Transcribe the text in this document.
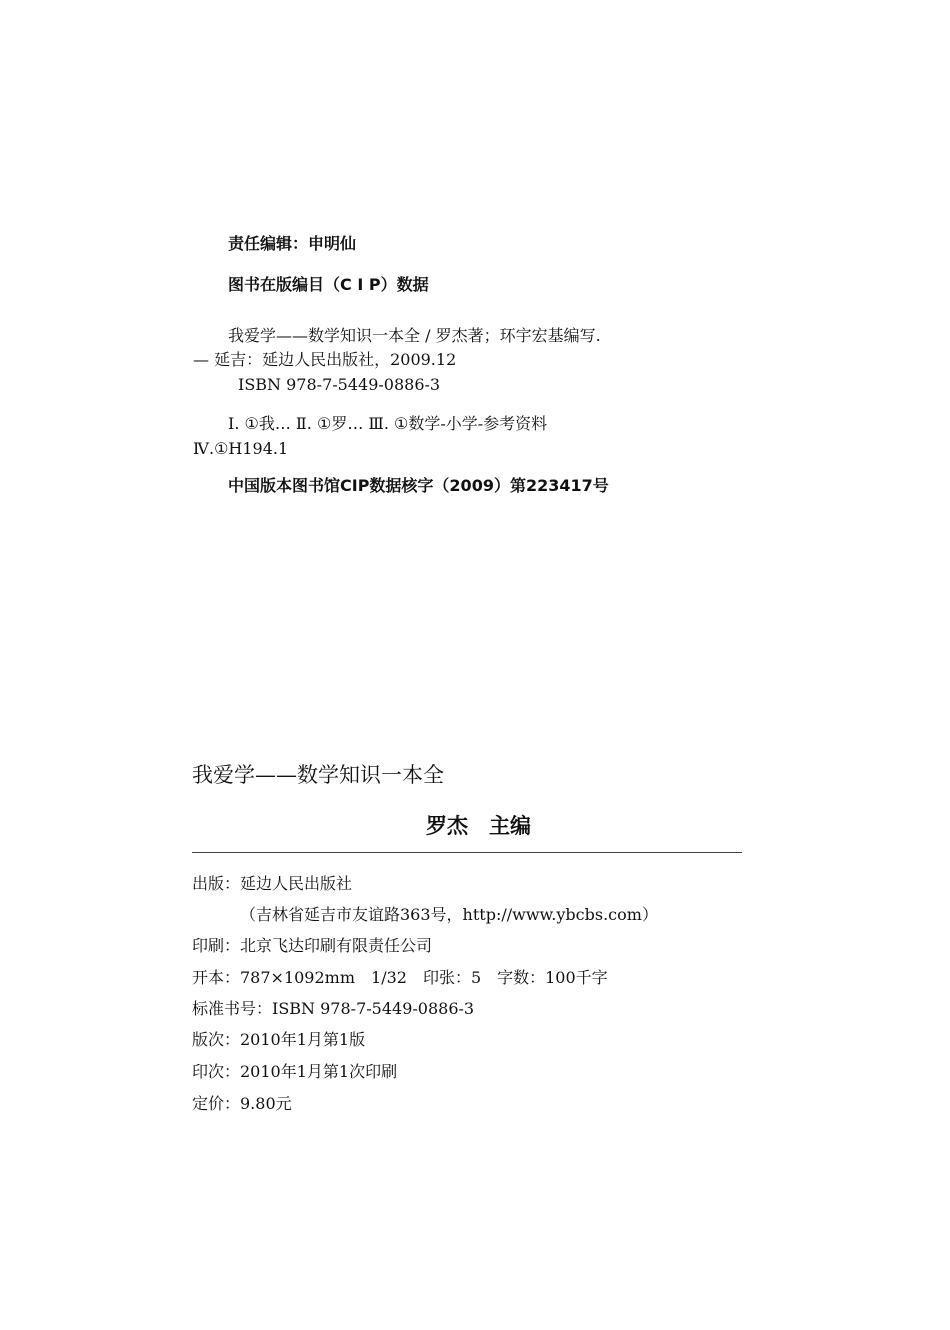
责任编辑：申明仙
图书在版编目（C I P）数据
我爱学——数学知识一本全 / 罗杰著；环宇宏基编写.
— 延吉：延边人民出版社，2009.12
ISBN 978-7-5449-0886-3
Ⅰ. ①我… Ⅱ. ①罗… Ⅲ. ①数学-小学-参考资料
Ⅳ.①H194.1
中国版本图书馆CIP数据核字（2009）第223417号
我爱学——数学知识一本全
罗杰　主编
出版：延边人民出版社
（吉林省延吉市友谊路363号，http://www.ybcbs.com）
印刷：北京飞达印刷有限责任公司
开本：787×1092mm　1/32　印张：5　字数：100千字
标准书号：ISBN 978-7-5449-0886-3
版次：2010年1月第1版
印次：2010年1月第1次印刷
定价：9.80元
